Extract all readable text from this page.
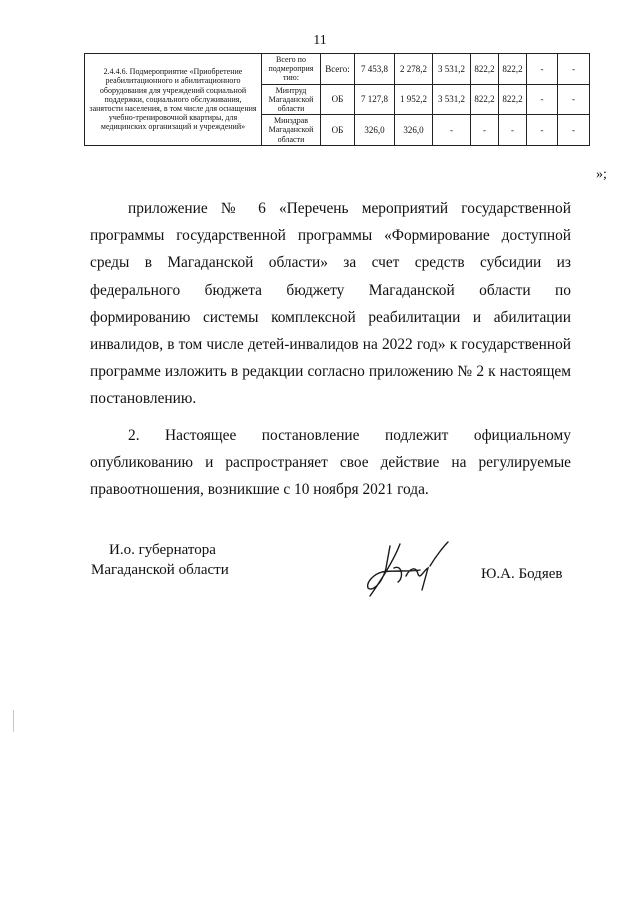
11
2.4.4.6. Подмероприятие «Приобретение реабилитационного и абилитационного оборудования для учреждений социальной поддержки, социального обслуживания, занятости населения, в том числе для оснащения учебно-тренировочной квартиры, для медицинских организаций и учреждений»	Всего по подмероприя тию:	Всего:	7 453,8	2 278,2	3 531,2	822,2	822,2	-	-
	Минтруд Магаданской области	ОБ	7 127,8	1 952,2	3 531,2	822,2	822,2	-	-
	Минздрав Магаданской области	ОБ	326,0	326,0	-	-	-	-	-
»;

приложение № 6 «Перечень мероприятий государственной программы государственной программы «Формирование доступной среды в Магаданской области» за счет средств субсидии из федерального бюджета бюджету Магаданской области по формированию системы комплексной реабилитации и абилитации инвалидов, в том числе детей-инвалидов на 2022 год» к государственной программе изложить в редакции согласно приложению № 2 к настоящем постановлению.

2. Настоящее постановление подлежит официальному опубликованию и распространяет свое действие на регулируемые правоотношения, возникшие с 10 ноября 2021 года.

И.о. губернатора
Магаданской области	Ю.А. Бодяев
